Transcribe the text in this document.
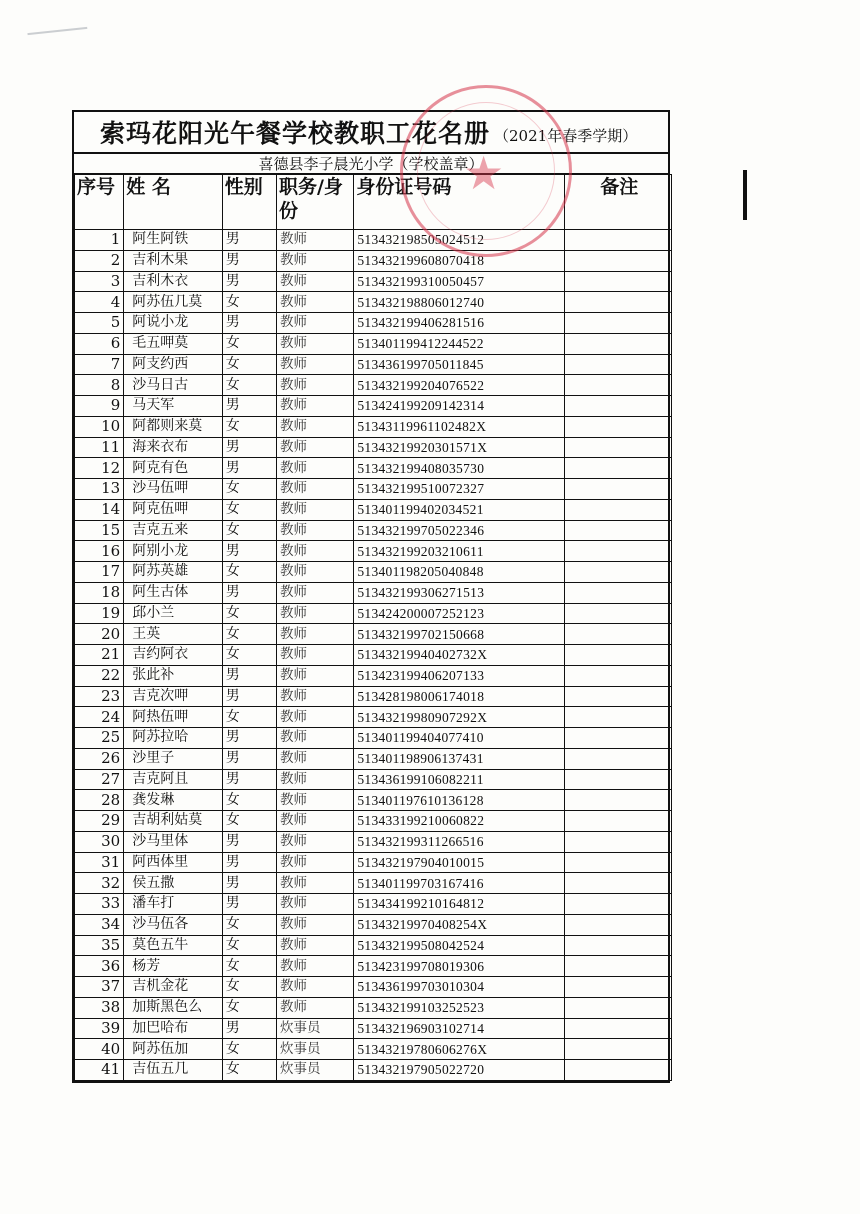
索玛花阳光午餐学校教职工花名册 （2021年春季学期）
喜德县李子晨光小学（学校盖章）
序号	姓 名	性别	职务/身份	身份证号码	备注
1	阿生阿铁	男	教师	513432198505024512	
2	吉利木果	男	教师	513432199608070418	
3	吉利木衣	男	教师	513432199310050457	
4	阿苏伍几莫	女	教师	513432198806012740	
5	阿说小龙	男	教师	513432199406281516	
6	毛五呷莫	女	教师	513401199412244522	
7	阿支约西	女	教师	513436199705011845	
8	沙马日古	女	教师	513432199204076522	
9	马天军	男	教师	513424199209142314	
10	阿都则来莫	女	教师	51343119961102482X	
11	海来衣布	男	教师	51343219920301571X	
12	阿克有色	男	教师	513432199408035730	
13	沙马伍呷	女	教师	513432199510072327	
14	阿克伍呷	女	教师	513401199402034521	
15	吉克五来	女	教师	513432199705022346	
16	阿别小龙	男	教师	513432199203210611	
17	阿苏英雄	女	教师	513401198205040848	
18	阿生古体	男	教师	513432199306271513	
19	邱小兰	女	教师	513424200007252123	
20	王英	女	教师	513432199702150668	
21	吉约阿衣	女	教师	51343219940402732X	
22	张此补	男	教师	513423199406207133	
23	吉克次呷	男	教师	513428198006174018	
24	阿热伍呷	女	教师	51343219980907292X	
25	阿苏拉哈	男	教师	513401199404077410	
26	沙里子	男	教师	513401198906137431	
27	吉克阿且	男	教师	513436199106082211	
28	龚发琳	女	教师	513401197610136128	
29	吉胡利姑莫	女	教师	513433199210060822	
30	沙马里体	男	教师	513432199311266516	
31	阿西体里	男	教师	513432197904010015	
32	侯五撒	男	教师	513401199703167416	
33	潘车打	男	教师	513434199210164812	
34	沙马伍各	女	教师	51343219970408254X	
35	莫色五牛	女	教师	513432199508042524	
36	杨芳	女	教师	513423199708019306	
37	吉机金花	女	教师	513436199703010304	
38	加斯黑色么	女	教师	513432199103252523	
39	加巴哈布	男	炊事员	513432196903102714	
40	阿苏伍加	女	炊事员	51343219780606276X	
41	吉伍五几	女	炊事员	513432197905022720	
★
